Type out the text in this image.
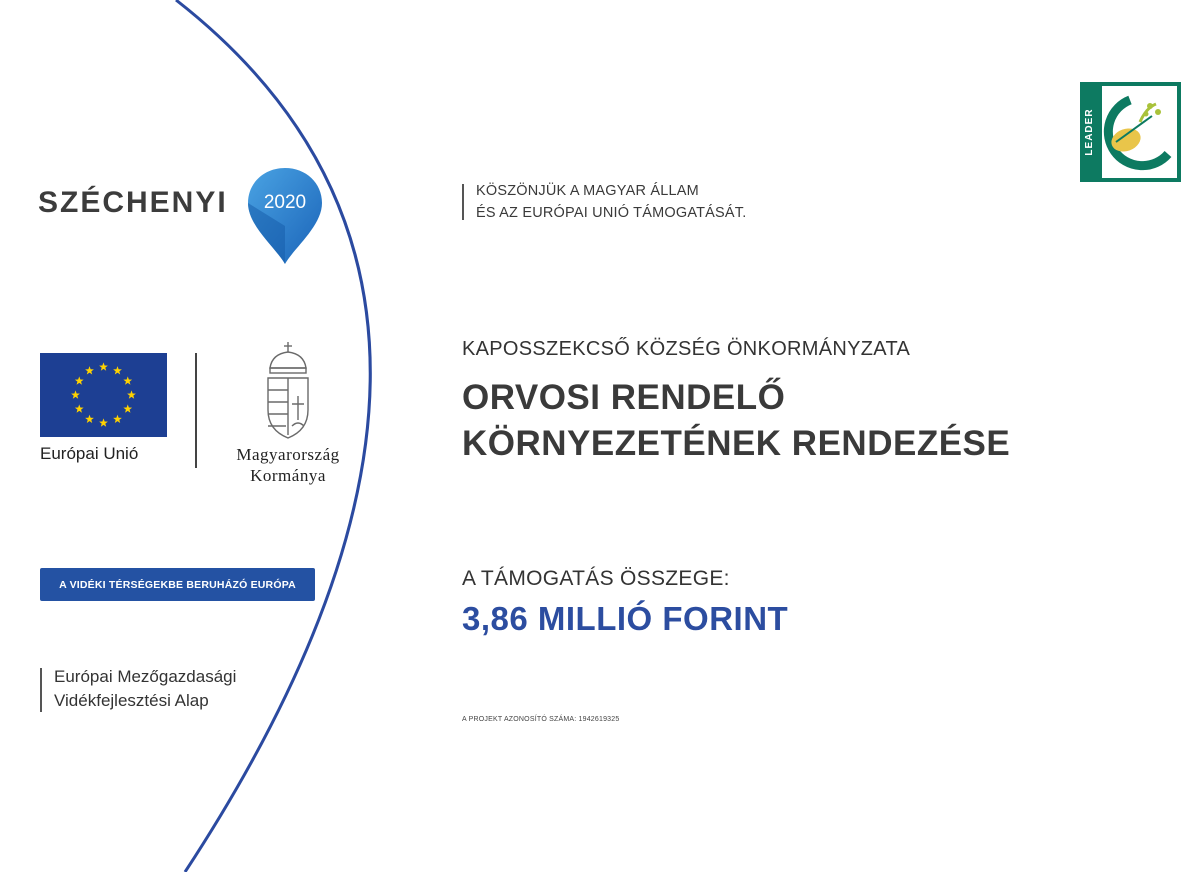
SZÉCHENYI 2020
KÖSZÖNJÜK A MAGYAR ÁLLAM
ÉS AZ EURÓPAI UNIÓ TÁMOGATÁSÁT.
LEADER
Európai Unió	Magyarország
Kormánya
A VIDÉKI TÉRSÉGEKBE BERUHÁZÓ EURÓPA
Európai Mezőgazdasági
Vidékfejlesztési Alap
KAPOSSZEKCSŐ KÖZSÉG ÖNKORMÁNYZATA
ORVOSI RENDELŐ
KÖRNYEZETÉNEK RENDEZÉSE
A TÁMOGATÁS ÖSSZEGE:
3,86 MILLIÓ FORINT
A PROJEKT AZONOSÍTÓ SZÁMA: 1942619325
